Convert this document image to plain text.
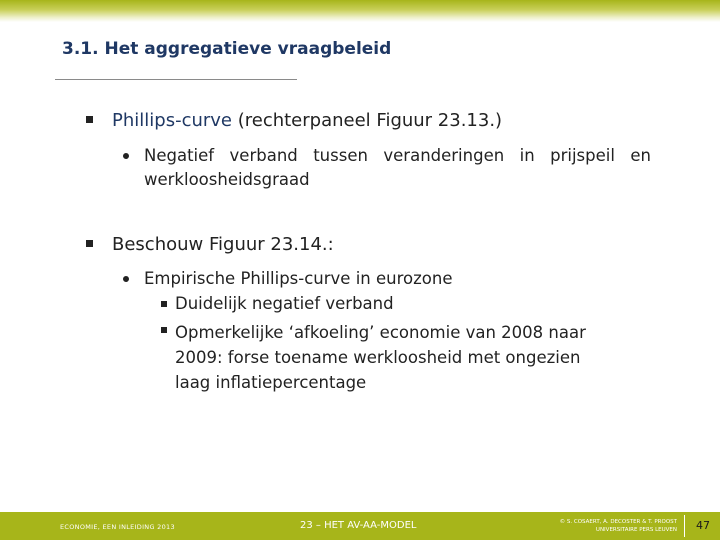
3.1. Het aggregatieve vraagbeleid
Phillips-curve (rechterpaneel Figuur 23.13.)
Negatief verband tussen veranderingen in prijspeil en
werkloosheidsgraad
Beschouw Figuur 23.14.:
Empirische Phillips-curve in eurozone
Duidelijk negatief verband
Opmerkelijke ‘afkoeling’ economie van 2008 naar
2009: forse toename werkloosheid met ongezien
laag inflatiepercentage
ECONOMIE, EEN INLEIDING 2013	23 – HET AV-AA-MODEL	© S. COSAERT, A. DECOSTER & T. PROOST
UNIVERSITAIRE PERS LEUVEN 47
